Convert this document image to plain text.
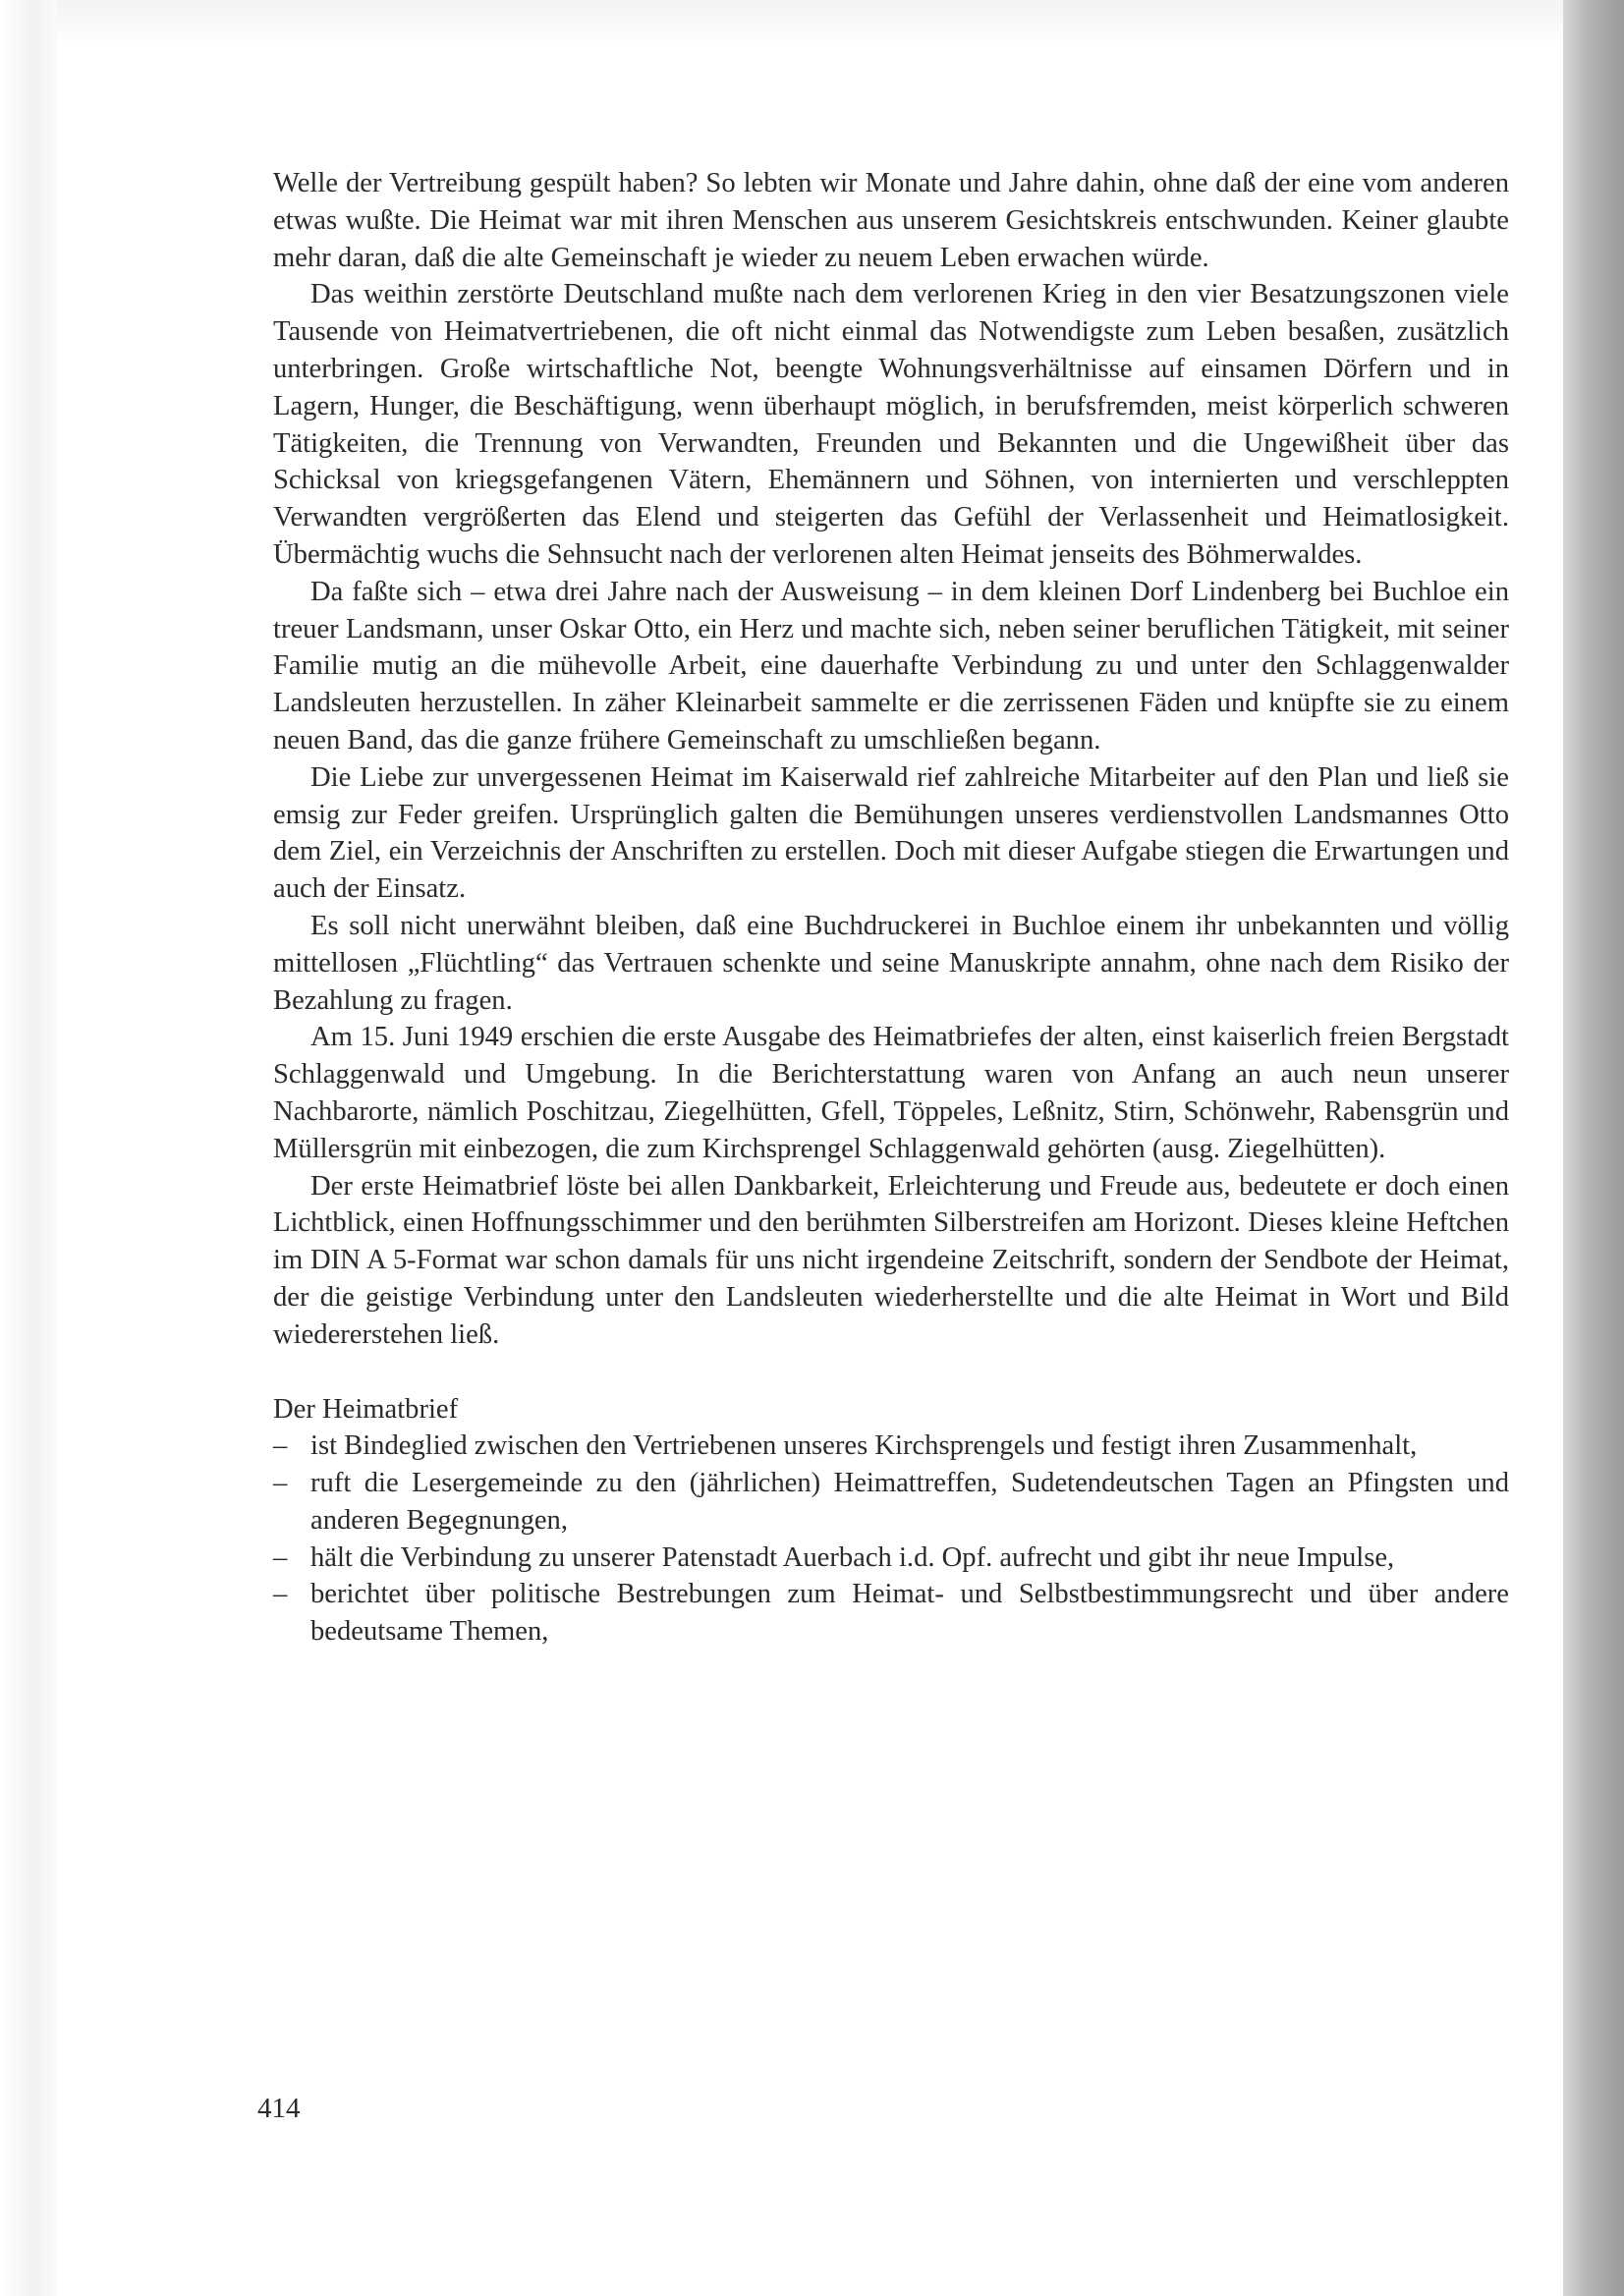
Welle der Vertreibung gespült haben? So lebten wir Monate und Jahre dahin, ohne daß der eine vom anderen etwas wußte. Die Heimat war mit ihren Menschen aus unserem Gesichtskreis entschwunden. Keiner glaubte mehr daran, daß die alte Gemeinschaft je wieder zu neuem Leben erwachen würde.

Das weithin zerstörte Deutschland mußte nach dem verlorenen Krieg in den vier Besatzungszonen viele Tausende von Heimatvertriebenen, die oft nicht einmal das Notwendigste zum Leben besaßen, zusätzlich unterbringen. Große wirtschaftliche Not, beengte Wohnungsverhältnisse auf einsamen Dörfern und in Lagern, Hunger, die Beschäftigung, wenn überhaupt möglich, in berufsfremden, meist körperlich schweren Tätigkeiten, die Trennung von Verwandten, Freunden und Bekannten und die Ungewißheit über das Schicksal von kriegsgefangenen Vätern, Ehemännern und Söhnen, von internierten und verschleppten Verwandten vergrößerten das Elend und steigerten das Gefühl der Verlassenheit und Heimatlosigkeit. Übermächtig wuchs die Sehnsucht nach der verlorenen alten Heimat jenseits des Böhmerwaldes.

Da faßte sich – etwa drei Jahre nach der Ausweisung – in dem kleinen Dorf Lindenberg bei Buchloe ein treuer Landsmann, unser Oskar Otto, ein Herz und machte sich, neben seiner beruflichen Tätigkeit, mit seiner Familie mutig an die mühevolle Arbeit, eine dauerhafte Verbindung zu und unter den Schlaggenwalder Landsleuten herzustellen. In zäher Kleinarbeit sammelte er die zerrissenen Fäden und knüpfte sie zu einem neuen Band, das die ganze frühere Gemeinschaft zu umschließen begann.

Die Liebe zur unvergessenen Heimat im Kaiserwald rief zahlreiche Mitarbeiter auf den Plan und ließ sie emsig zur Feder greifen. Ursprünglich galten die Bemühungen unseres verdienstvollen Landsmannes Otto dem Ziel, ein Verzeichnis der Anschriften zu erstellen. Doch mit dieser Aufgabe stiegen die Erwartungen und auch der Einsatz.

Es soll nicht unerwähnt bleiben, daß eine Buchdruckerei in Buchloe einem ihr unbekannten und völlig mittellosen „Flüchtling“ das Vertrauen schenkte und seine Manuskripte annahm, ohne nach dem Risiko der Bezahlung zu fragen.

Am 15. Juni 1949 erschien die erste Ausgabe des Heimatbriefes der alten, einst kaiserlich freien Bergstadt Schlaggenwald und Umgebung. In die Berichterstattung waren von Anfang an auch neun unserer Nachbarorte, nämlich Poschitzau, Ziegelhütten, Gfell, Töppeles, Leßnitz, Stirn, Schönwehr, Rabensgrün und Müllersgrün mit einbezogen, die zum Kirchsprengel Schlaggenwald gehörten (ausg. Ziegelhütten).

Der erste Heimatbrief löste bei allen Dankbarkeit, Erleichterung und Freude aus, bedeutete er doch einen Lichtblick, einen Hoffnungsschimmer und den berühmten Silberstreifen am Horizont. Dieses kleine Heftchen im DIN A 5-Format war schon damals für uns nicht irgendeine Zeitschrift, sondern der Sendbote der Heimat, der die geistige Verbindung unter den Landsleuten wiederherstellte und die alte Heimat in Wort und Bild wiedererstehen ließ.

Der Heimatbrief

– ist Bindeglied zwischen den Vertriebenen unseres Kirchsprengels und festigt ihren Zusammenhalt,
– ruft die Lesergemeinde zu den (jährlichen) Heimattreffen, Sudetendeutschen Tagen an Pfingsten und anderen Begegnungen,
– hält die Verbindung zu unserer Patenstadt Auerbach i.d. Opf. aufrecht und gibt ihr neue Impulse,
– berichtet über politische Bestrebungen zum Heimat- und Selbstbestimmungsrecht und über andere bedeutsame Themen,
414
